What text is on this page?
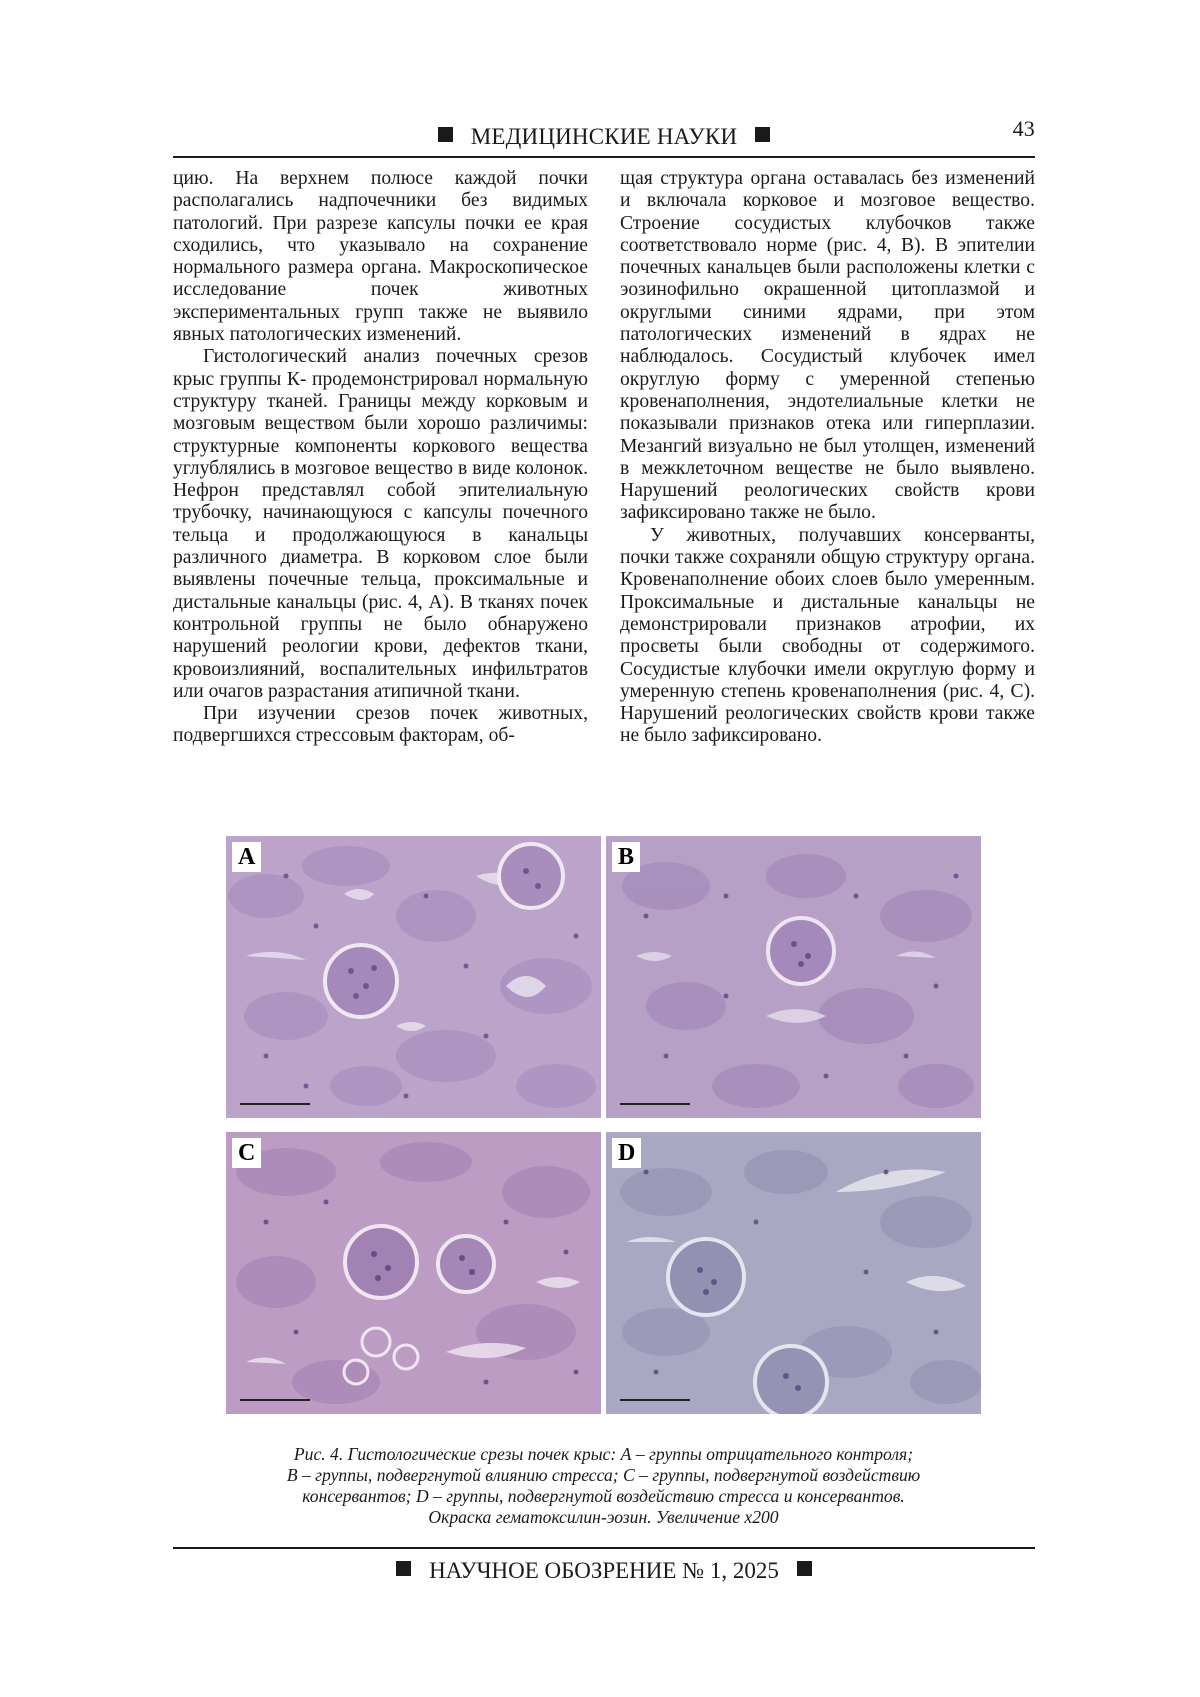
МЕДИЦИНСКИЕ НАУКИ	43

цию. На верхнем полюсе каждой почки располагались надпочечники без видимых патологий. При разрезе капсулы почки ее края сходились, что указывало на сохранение нормального размера органа. Макроскопическое исследование почек животных экспериментальных групп также не выявило явных патологических изменений.

Гистологический анализ почечных срезов крыс группы К- продемонстрировал нормальную структуру тканей. Границы между корковым и мозговым веществом были хорошо различимы: структурные компоненты коркового вещества углублялись в мозговое вещество в виде колонок. Нефрон представлял собой эпителиальную трубочку, начинающуюся с капсулы почечного тельца и продолжающуюся в канальцы различного диаметра. В корковом слое были выявлены почечные тельца, проксимальные и дистальные канальцы (рис. 4, А). В тканях почек контрольной группы не было обнаружено нарушений реологии крови, дефектов ткани, кровоизлияний, воспалительных инфильтратов или очагов разрастания атипичной ткани.

При изучении срезов почек животных, подвергшихся стрессовым факторам, об-

щая структура органа оставалась без изменений и включала корковое и мозговое вещество. Строение сосудистых клубочков также соответствовало норме (рис. 4, B). В эпителии почечных канальцев были расположены клетки с эозинофильно окрашенной цитоплазмой и округлыми синими ядрами, при этом патологических изменений в ядрах не наблюдалось. Сосудистый клубочек имел округлую форму с умеренной степенью кровенаполнения, эндотелиальные клетки не показывали признаков отека или гиперплазии. Мезангий визуально не был утолщен, изменений в межклеточном веществе не было выявлено. Нарушений реологических свойств крови зафиксировано также не было.

У животных, получавших консерванты, почки также сохраняли общую структуру органа. Кровенаполнение обоих слоев было умеренным. Проксимальные и дистальные канальцы не демонстрировали признаков атрофии, их просветы были свободны от содержимого. Сосудистые клубочки имели округлую форму и умеренную степень кровенаполнения (рис. 4, C). Нарушений реологических свойств крови также не было зафиксировано.

A	B
C	D
Рис. 4. Гистологические срезы почек крыс: А – группы отрицательного контроля;
В – группы, подвергнутой влиянию стресса; С – группы, подвергнутой воздействию
консервантов; D – группы, подвергнутой воздействию стресса и консервантов.
Окраска гематоксилин-эозин. Увеличение х200
НАУЧНОЕ ОБОЗРЕНИЕ № 1, 2025
